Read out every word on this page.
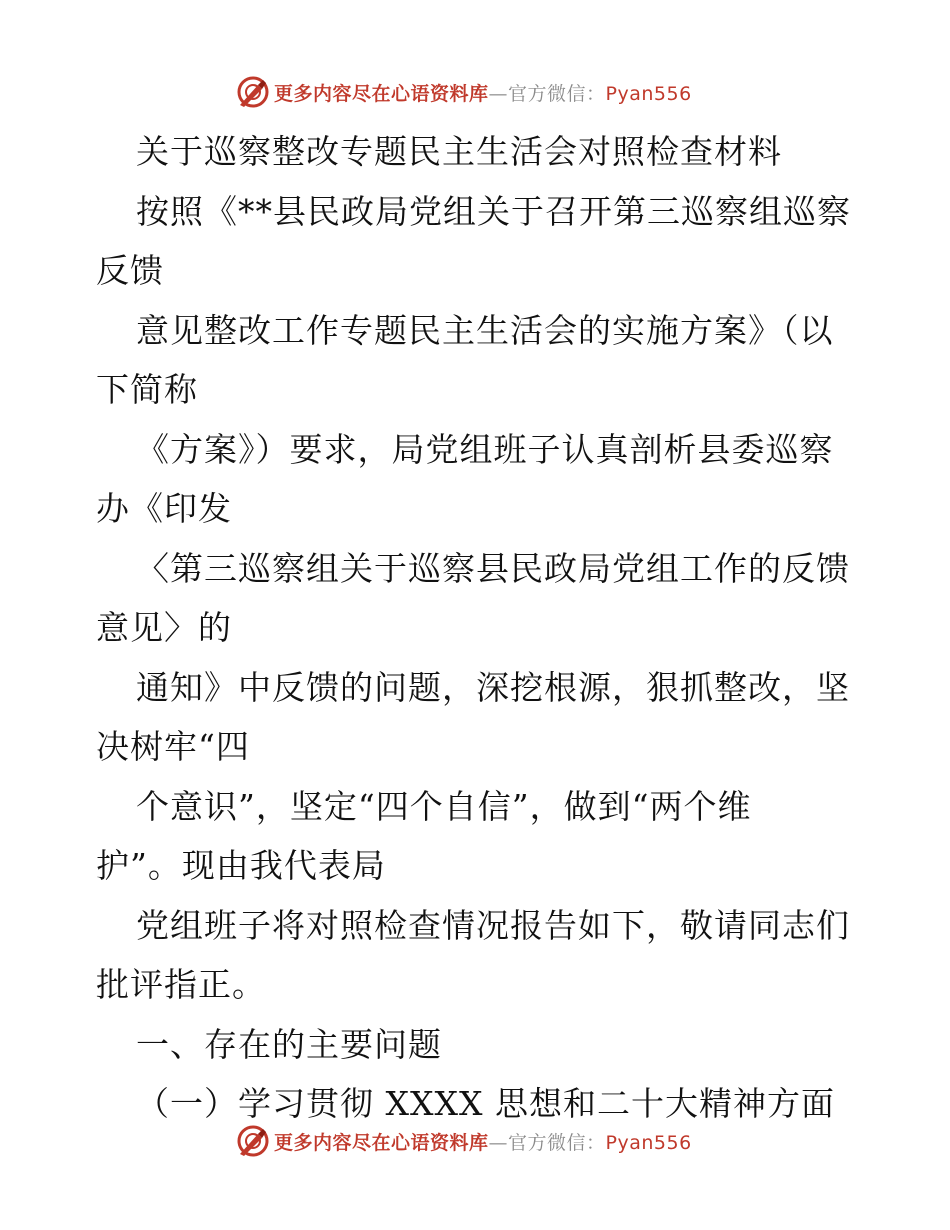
更多内容尽在心语资料库—官方微信：Pyan556
关于巡察整改专题民主生活会对照检查材料
按照《**县民政局党组关于召开第三巡察组巡察
反馈
意见整改工作专题民主生活会的实施方案》（以
下简称
《方案》）要求，局党组班子认真剖析县委巡察
办《印发
〈第三巡察组关于巡察县民政局党组工作的反馈
意见〉的
通知》中反馈的问题，深挖根源，狠抓整改，坚
决树牢“四
个意识”，坚定“四个自信”，做到“两个维
护”。现由我代表局
党组班子将对照检查情况报告如下，敬请同志们
批评指正。
一、存在的主要问题
（一）学习贯彻 XXXX 思想和二十大精神方面
更多内容尽在心语资料库—官方微信：Pyan556
